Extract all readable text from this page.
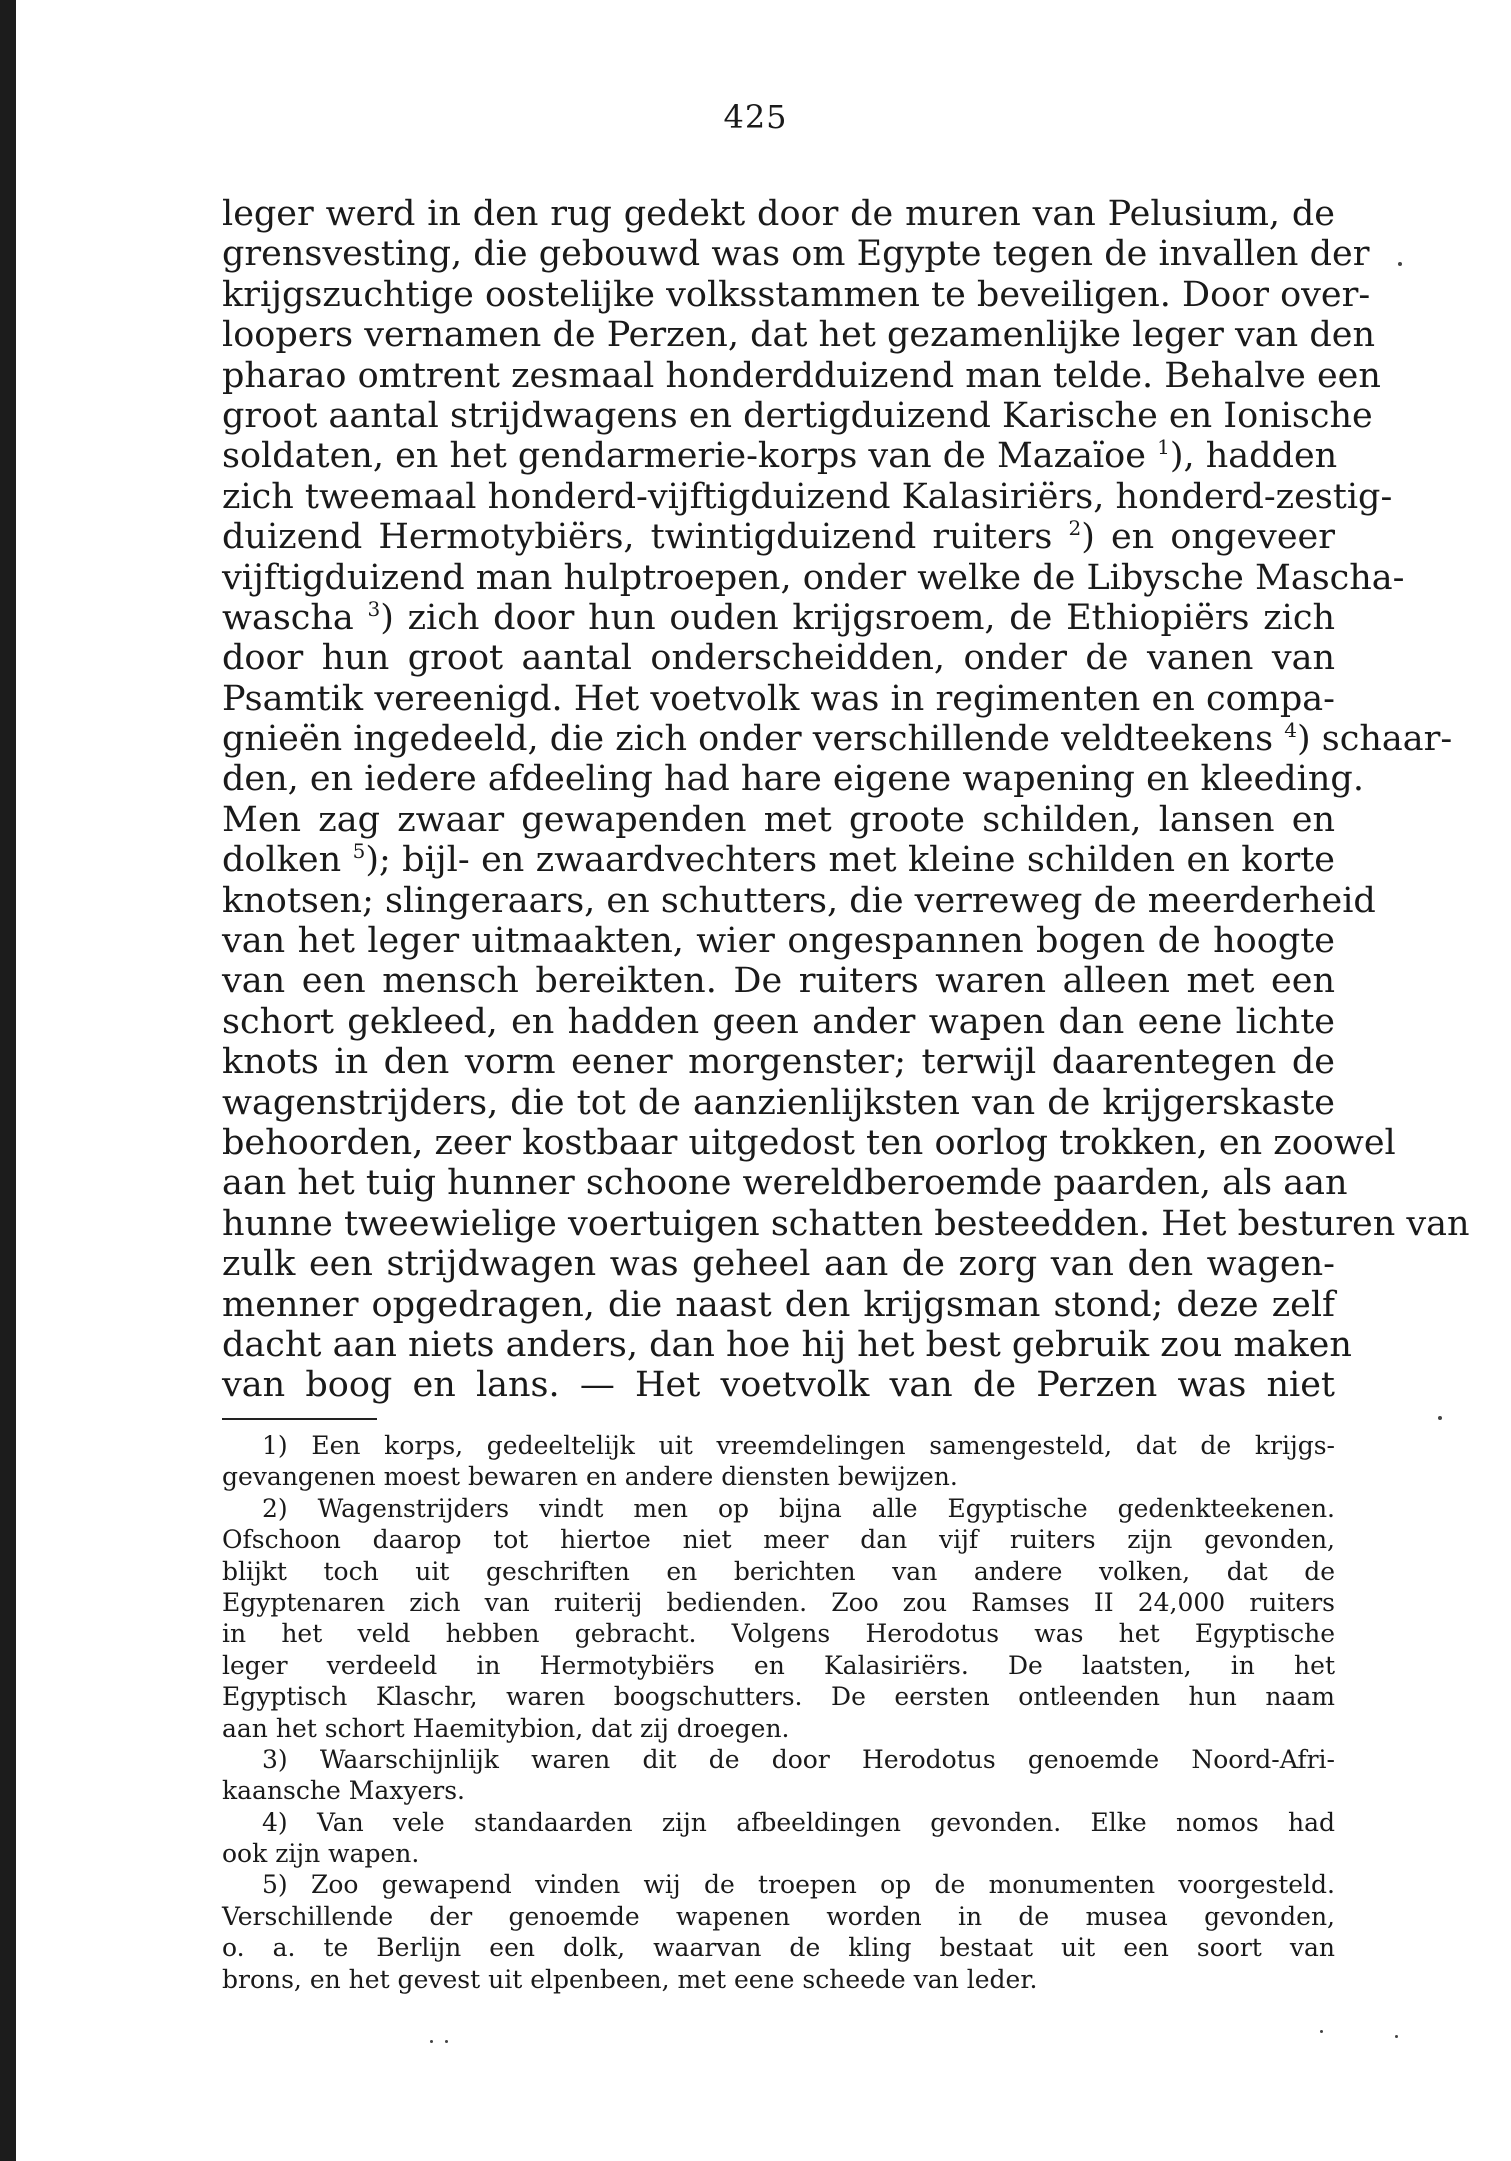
425
leger werd in den rug gedekt door de muren van Pelusium, de
grensvesting, die gebouwd was om Egypte tegen de invallen der
krijgszuchtige oostelijke volksstammen te beveiligen. Door over-
loopers vernamen de Perzen, dat het gezamenlijke leger van den
pharao omtrent zesmaal honderdduizend man telde. Behalve een
groot aantal strijdwagens en dertigduizend Karische en Ionische
soldaten, en het gendarmerie-korps van de Mazaïoe $^1$), hadden
zich tweemaal honderd-vijftigduizend Kalasiriërs, honderd-zestig-
duizend Hermotybiërs, twintigduizend ruiters $^2$) en ongeveer
vijftigduizend man hulptroepen, onder welke de Libysche Mascha-
wascha $^3$) zich door hun ouden krijgsroem, de Ethiopiërs zich
door hun groot aantal onderscheidden, onder de vanen van
Psamtik vereenigd. Het voetvolk was in regimenten en compa-
gnieën ingedeeld, die zich onder verschillende veldteekens $^4$) schaar-
den, en iedere afdeeling had hare eigene wapening en kleeding.
Men zag zwaar gewapenden met groote schilden, lansen en
dolken $^5$); bijl- en zwaardvechters met kleine schilden en korte
knotsen; slingeraars, en schutters, die verreweg de meerderheid
van het leger uitmaakten, wier ongespannen bogen de hoogte
van een mensch bereikten. De ruiters waren alleen met een
schort gekleed, en hadden geen ander wapen dan eene lichte
knots in den vorm eener morgenster; terwijl daarentegen de
wagenstrijders, die tot de aanzienlijksten van de krijgerskaste
behoorden, zeer kostbaar uitgedost ten oorlog trokken, en zoowel
aan het tuig hunner schoone wereldberoemde paarden, als aan
hunne tweewielige voertuigen schatten besteedden. Het besturen van
zulk een strijdwagen was geheel aan de zorg van den wagen-
menner opgedragen, die naast den krijgsman stond; deze zelf
dacht aan niets anders, dan hoe hij het best gebruik zou maken
van boog en lans. — Het voetvolk van de Perzen was niet
1) Een korps, gedeeltelijk uit vreemdelingen samengesteld, dat de krijgs-
gevangenen moest bewaren en andere diensten bewijzen.
2) Wagenstrijders vindt men op bijna alle Egyptische gedenkteekenen.
Ofschoon daarop tot hiertoe niet meer dan vijf ruiters zijn gevonden,
blijkt toch uit geschriften en berichten van andere volken, dat de
Egyptenaren zich van ruiterij bedienden. Zoo zou Ramses II 24,000 ruiters
in het veld hebben gebracht. Volgens Herodotus was het Egyptische
leger verdeeld in Hermotybiërs en Kalasiriërs. De laatsten, in het
Egyptisch Klaschr, waren boogschutters. De eersten ontleenden hun naam
aan het schort Haemitybion, dat zij droegen.
3) Waarschijnlijk waren dit de door Herodotus genoemde Noord-Afri-
kaansche Maxyers.
4) Van vele standaarden zijn afbeeldingen gevonden. Elke nomos had
ook zijn wapen.
5) Zoo gewapend vinden wij de troepen op de monumenten voorgesteld.
Verschillende der genoemde wapenen worden in de musea gevonden,
o. a. te Berlijn een dolk, waarvan de kling bestaat uit een soort van
brons, en het gevest uit elpenbeen, met eene scheede van leder.
